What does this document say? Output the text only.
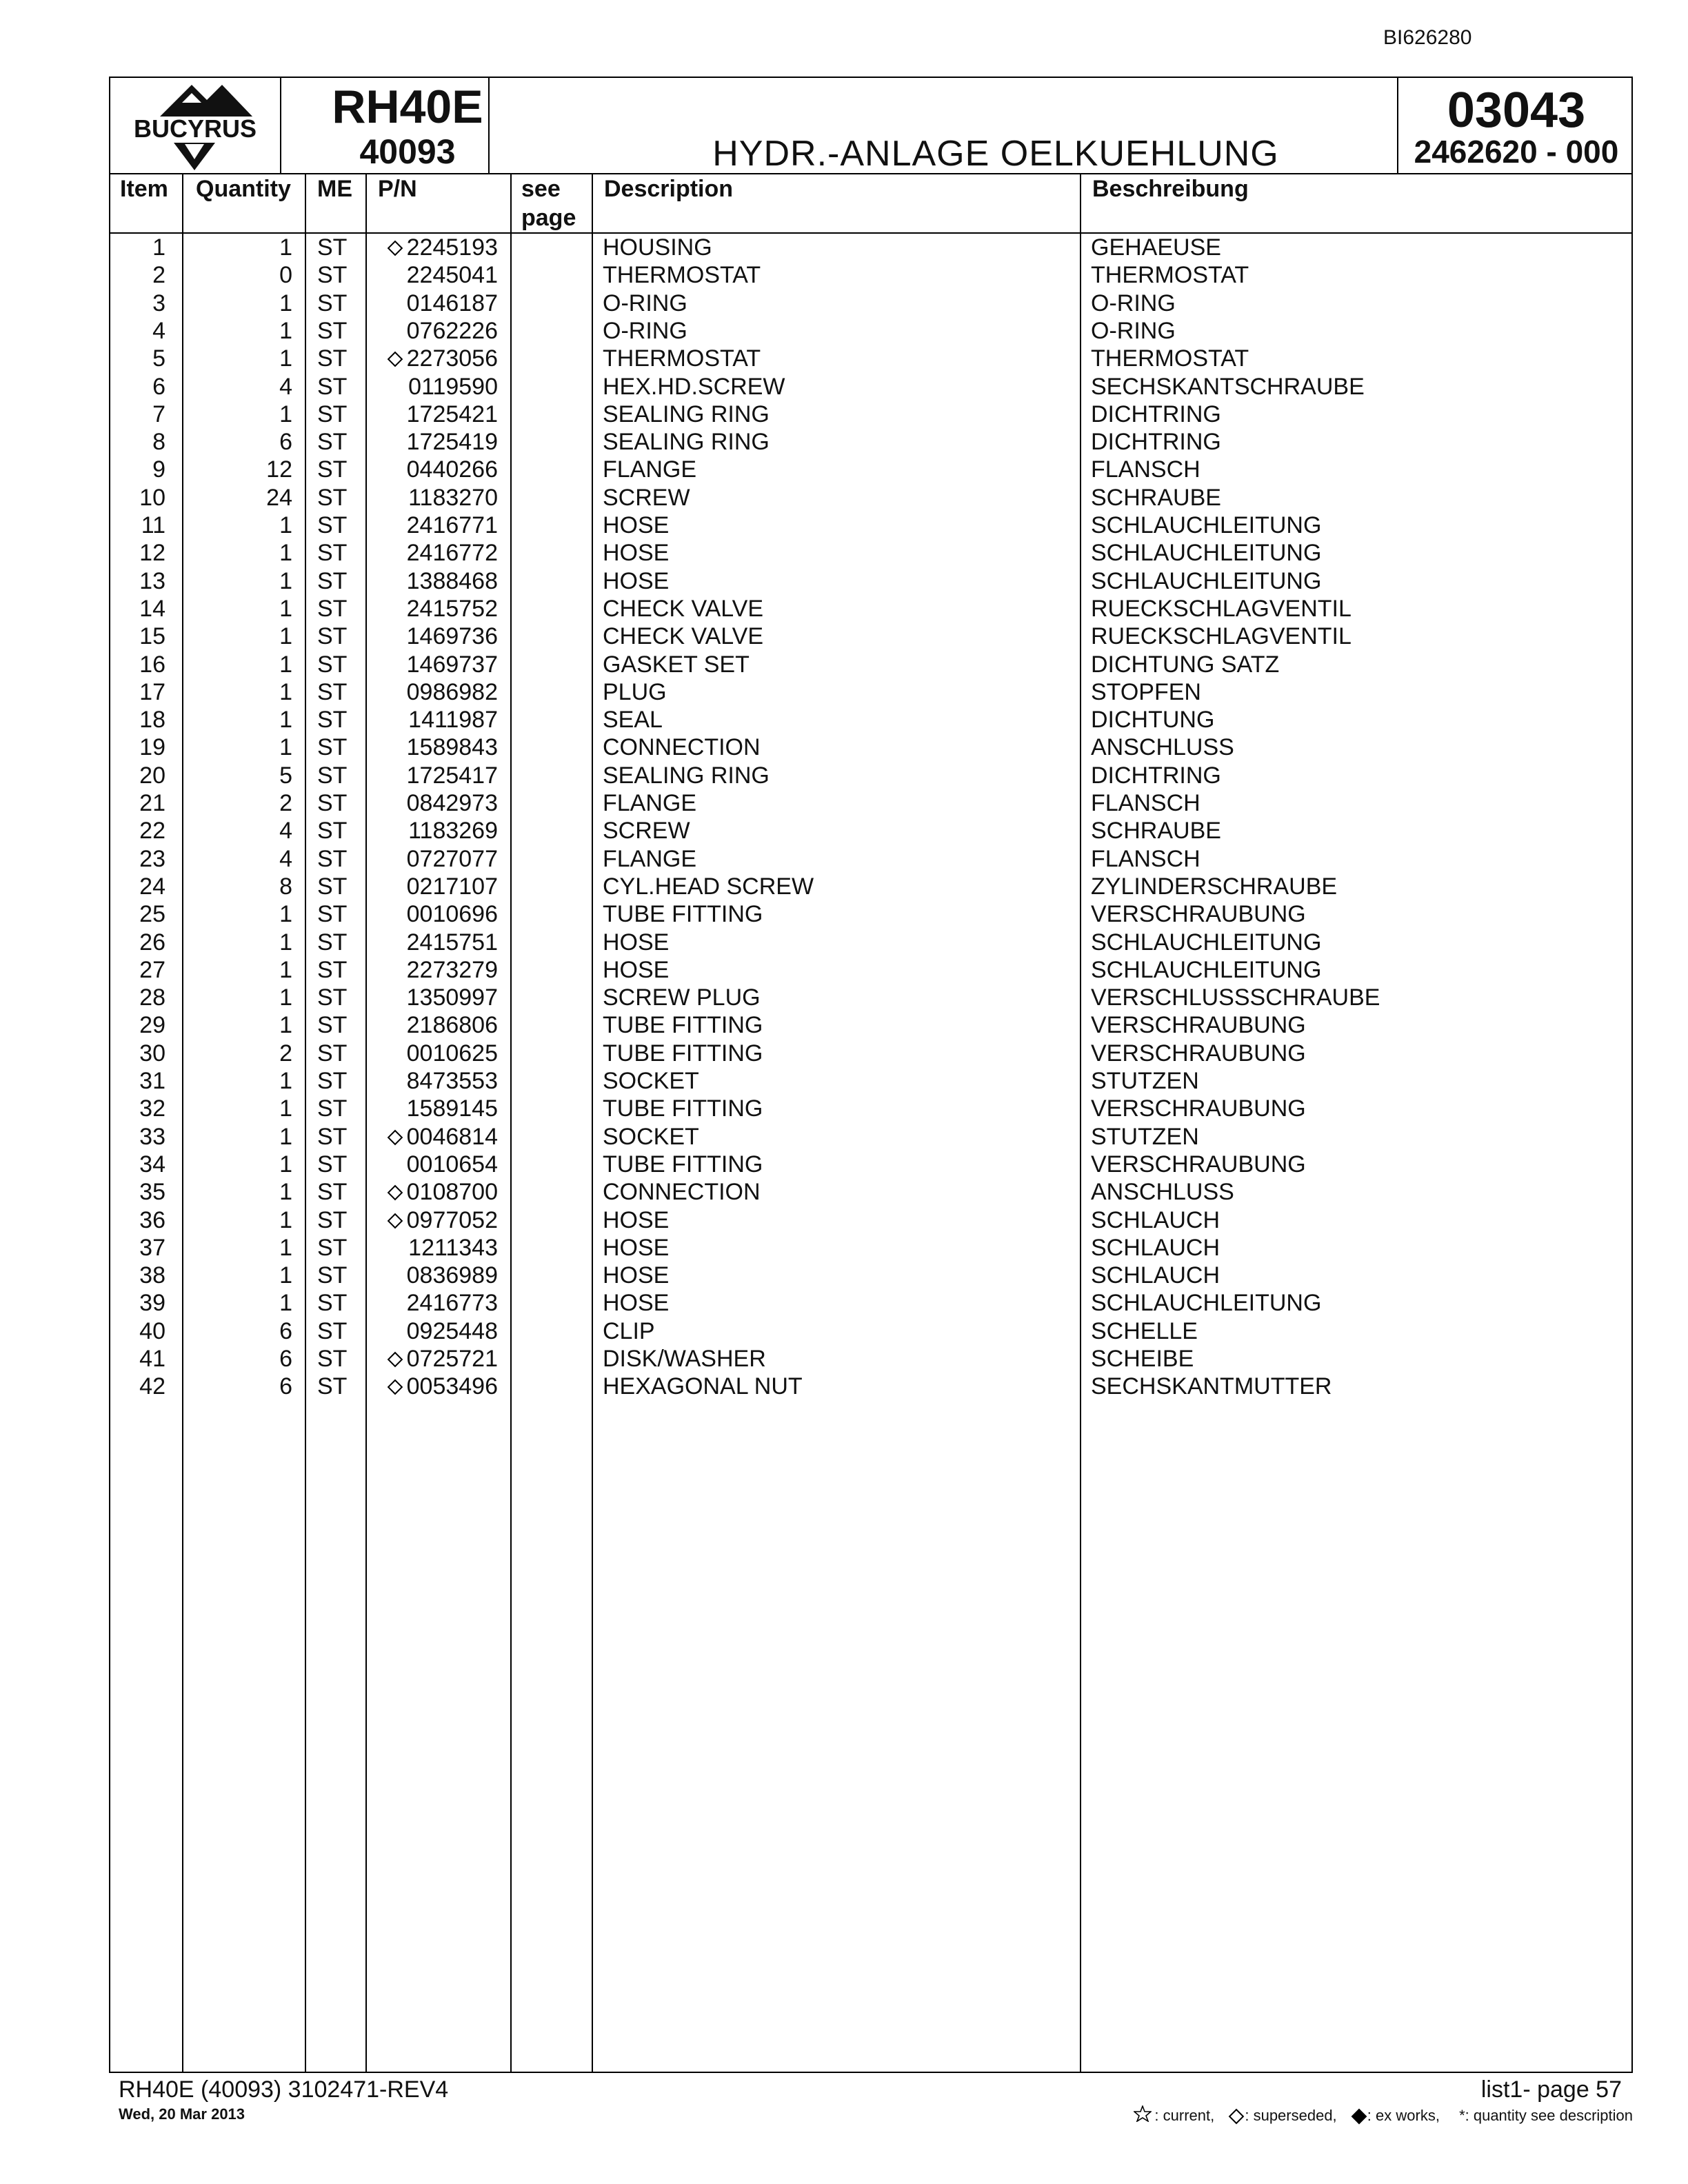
BI626280
BUCYRUS	RH40E
40093	HYDR.-ANLAGE OELKUEHLUNG
03043
2462620 - 000
Item Quantity ME P/N	see
page
Description	Beschreibung
1	1 ST	2245193	HOUSING	GEHAEUSE
2	0 ST	2245041	THERMOSTAT	THERMOSTAT
3	1 ST	0146187	O-RING	O-RING
4	1 ST	0762226	O-RING	O-RING
5	1 ST	2273056	THERMOSTAT	THERMOSTAT
6	4 ST	0119590	HEX.HD.SCREW	SECHSKANTSCHRAUBE
7	1 ST	1725421	SEALING RING	DICHTRING
8	6 ST	1725419	SEALING RING	DICHTRING
9	12 ST	0440266	FLANGE	FLANSCH
10	24 ST	1183270	SCREW	SCHRAUBE
11	1 ST	2416771	HOSE	SCHLAUCHLEITUNG
12	1 ST	2416772	HOSE	SCHLAUCHLEITUNG
13	1 ST	1388468	HOSE	SCHLAUCHLEITUNG
14	1 ST	2415752	CHECK VALVE	RUECKSCHLAGVENTIL
15	1 ST	1469736	CHECK VALVE	RUECKSCHLAGVENTIL
16	1 ST	1469737	GASKET SET	DICHTUNG SATZ
17	1 ST	0986982	PLUG	STOPFEN
18	1 ST	1411987	SEAL	DICHTUNG
19	1 ST	1589843	CONNECTION	ANSCHLUSS
20	5 ST	1725417	SEALING RING	DICHTRING
21	2 ST	0842973	FLANGE	FLANSCH
22	4 ST	1183269	SCREW	SCHRAUBE
23	4 ST	0727077	FLANGE	FLANSCH
24	8 ST	0217107	CYL.HEAD SCREW	ZYLINDERSCHRAUBE
25	1 ST	0010696	TUBE FITTING	VERSCHRAUBUNG
26	1 ST	2415751	HOSE	SCHLAUCHLEITUNG
27	1 ST	2273279	HOSE	SCHLAUCHLEITUNG
28	1 ST	1350997	SCREW PLUG	VERSCHLUSSSCHRAUBE
29	1 ST	2186806	TUBE FITTING	VERSCHRAUBUNG
30	2 ST	0010625	TUBE FITTING	VERSCHRAUBUNG
31	1 ST	8473553	SOCKET	STUTZEN
32	1 ST	1589145	TUBE FITTING	VERSCHRAUBUNG
33	1 ST	0046814	SOCKET	STUTZEN
34	1 ST	0010654	TUBE FITTING	VERSCHRAUBUNG
35	1 ST	0108700	CONNECTION	ANSCHLUSS
36	1 ST	0977052	HOSE	SCHLAUCH
37	1 ST	1211343	HOSE	SCHLAUCH
38	1 ST	0836989	HOSE	SCHLAUCH
39	1 ST	2416773	HOSE	SCHLAUCHLEITUNG
40	6 ST	0925448	CLIP	SCHELLE
41	6 ST	0725721	DISK/WASHER	SCHEIBE
42	6 ST	0053496	HEXAGONAL NUT	SECHSKANTMUTTER
RH40E (40093) 3102471-REV4
Wed, 20 Mar 2013
list1- page 57
: current, : superseded, : ex works, *: quantity see description
